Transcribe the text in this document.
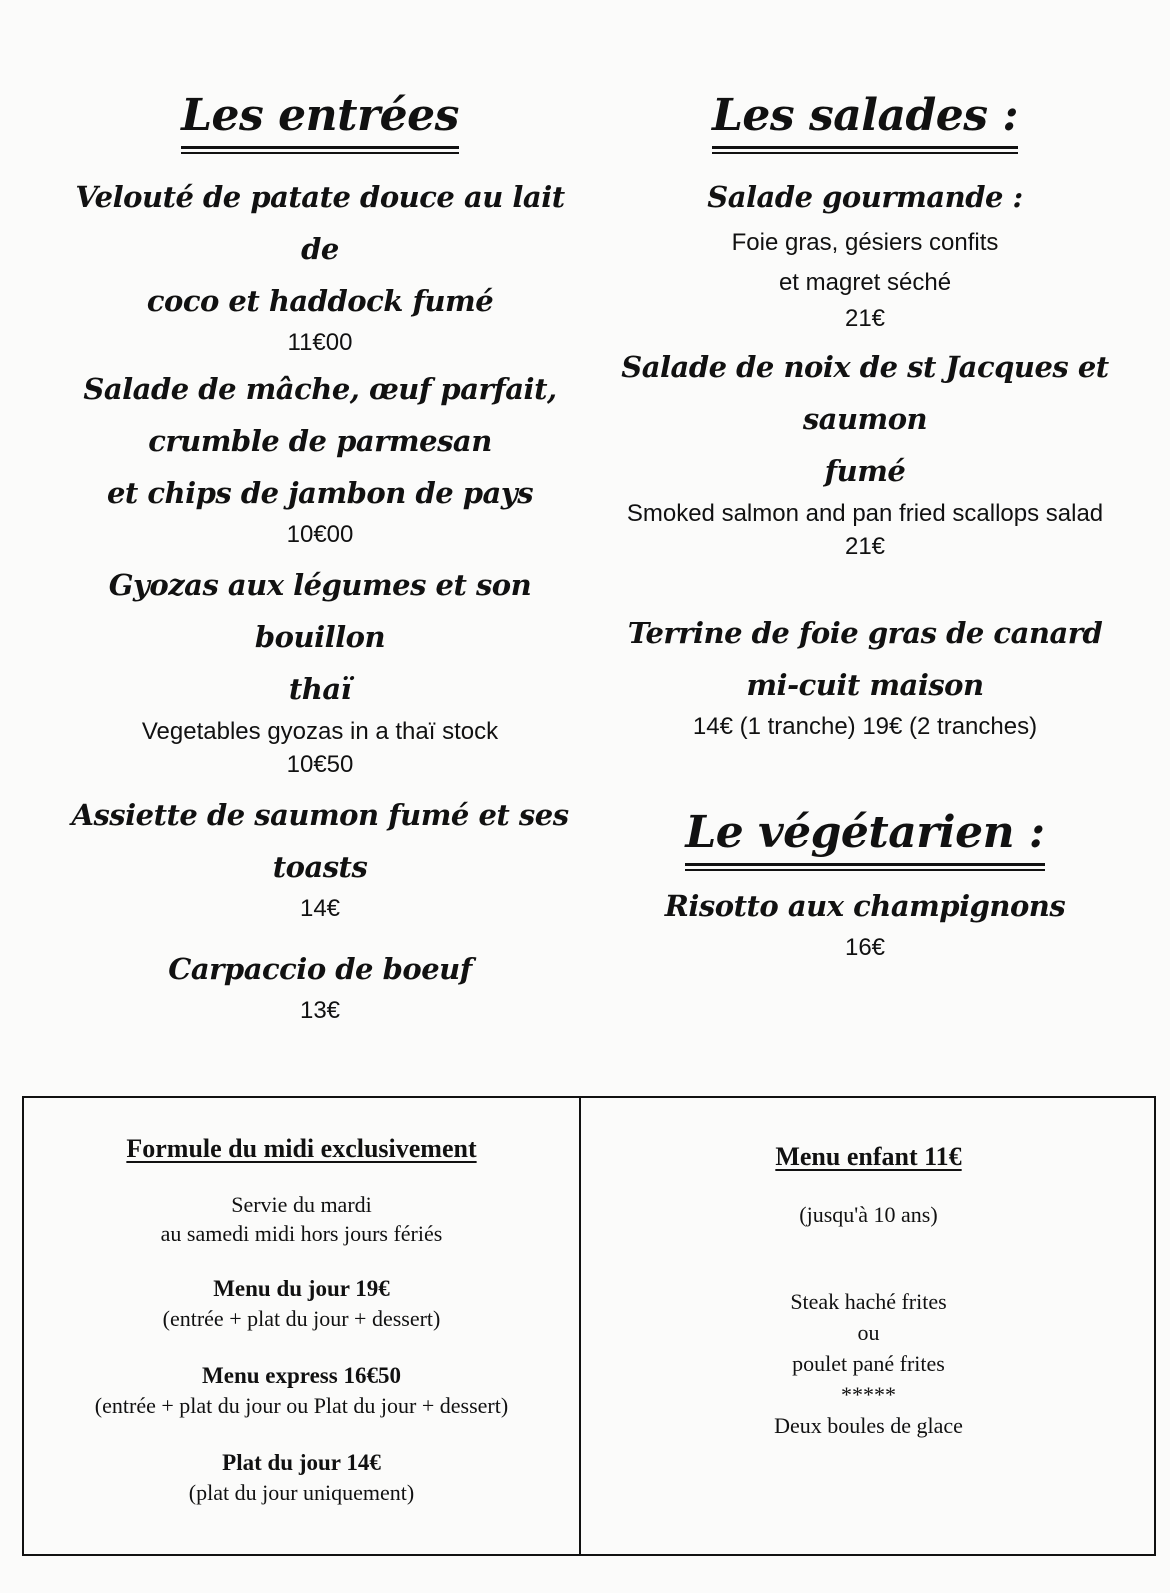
Les entrées
Velouté de patate douce au lait de
coco et haddock fumé
11€00
Salade de mâche, œuf parfait,
crumble de parmesan
et chips de jambon de pays
10€00
Gyozas aux légumes et son bouillon
thaï
Vegetables gyozas in a thaï stock
10€50
Assiette de saumon fumé et ses toasts
14€
Carpaccio de boeuf
13€
Les salades :
Salade gourmande :
Foie gras, gésiers confits
et magret séché
21€
Salade de noix de st Jacques et saumon
fumé
Smoked salmon and pan fried scallops salad
21€
Terrine de foie gras de canard
mi-cuit maison
14€ (1 tranche) 19€ (2 tranches)
Le végétarien :
Risotto aux champignons
16€
Formule du midi exclusivement
Servie du mardi
au samedi midi hors jours fériés
Menu du jour 19€
(entrée + plat du jour + dessert)
Menu express 16€50
(entrée + plat du jour ou Plat du jour + dessert)
Plat du jour 14€
(plat du jour uniquement)
Menu enfant 11€
(jusqu'à 10 ans)
Steak haché frites
ou
poulet pané frites
*****
Deux boules de glace
